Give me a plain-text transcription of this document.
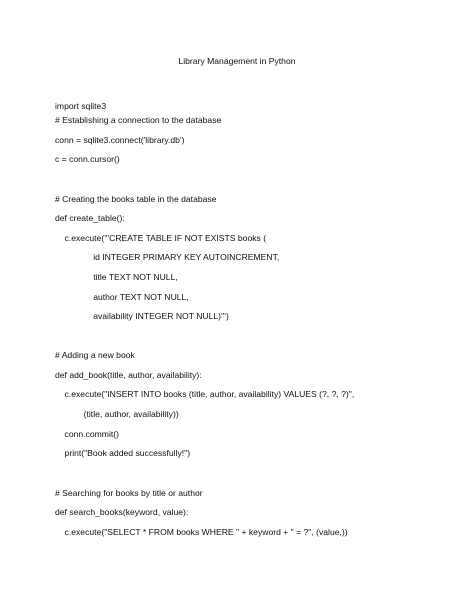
Library Management in Python
import sqlite3
# Establishing a connection to the database
conn = sqlite3.connect('library.db')
c = conn.cursor()
# Creating the books table in the database
def create_table():
c.execute('''CREATE TABLE IF NOT EXISTS books (
id INTEGER PRIMARY KEY AUTOINCREMENT,
title TEXT NOT NULL,
author TEXT NOT NULL,
availability INTEGER NOT NULL)''')
# Adding a new book
def add_book(title, author, availability):
c.execute("INSERT INTO books (title, author, availability) VALUES (?, ?, ?)",
(title, author, availability))
conn.commit()
print("Book added successfully!")
# Searching for books by title or author
def search_books(keyword, value):
c.execute("SELECT * FROM books WHERE " + keyword + " = ?", (value,))
